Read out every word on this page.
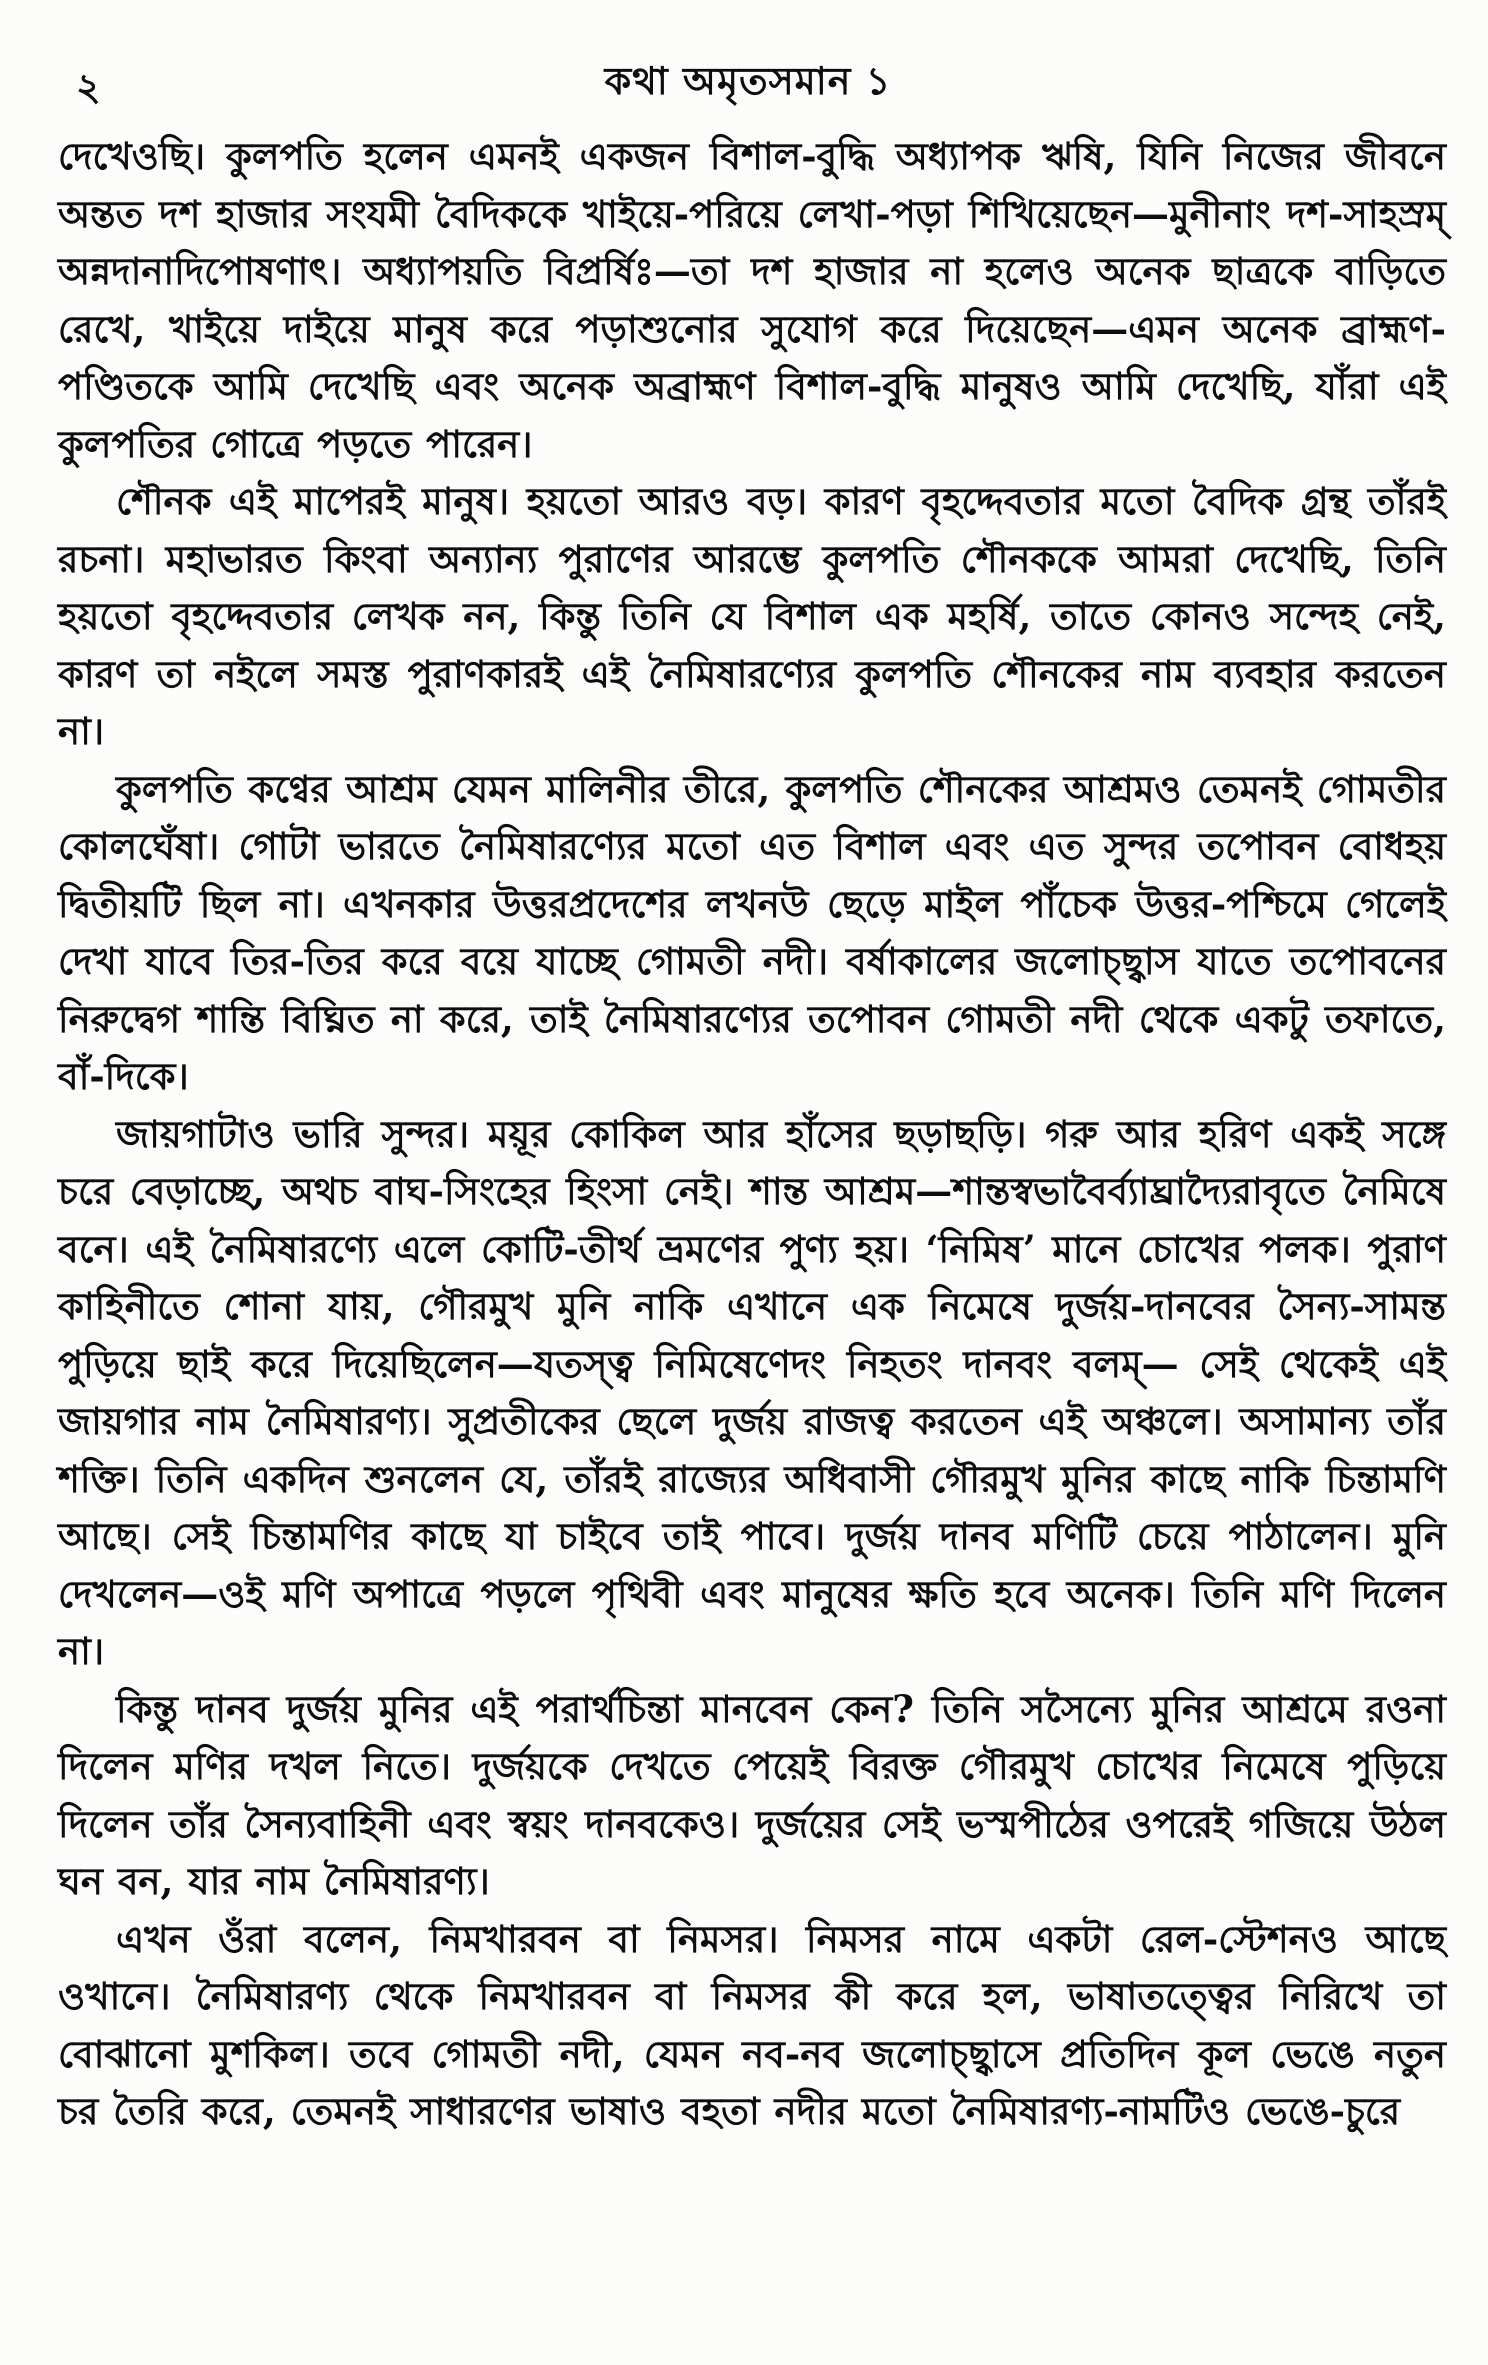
২	কথা অমৃতসমান ১

দেখেওছি। কুলপতি হলেন এমনই একজন বিশাল-বুদ্ধি অধ্যাপক ঋষি, যিনি নিজের জীবনে অন্তত দশ হাজার সংযমী বৈদিককে খাইয়ে-পরিয়ে লেখা-পড়া শিখিয়েছেন—মুনীনাং দশ-সাহস্রম্ অন্নদানাদিপোষণাৎ। অধ্যাপয়তি বিপ্রর্ষিঃ—তা দশ হাজার না হলেও অনেক ছাত্রকে বাড়িতে রেখে, খাইয়ে দাইয়ে মানুষ করে পড়াশুনোর সুযোগ করে দিয়েছেন—এমন অনেক ব্রাহ্মণ-পণ্ডিতকে আমি দেখেছি এবং অনেক অব্রাহ্মণ বিশাল-বুদ্ধি মানুষও আমি দেখেছি, যাঁরা এই কুলপতির গোত্রে পড়তে পারেন।

শৌনক এই মাপেরই মানুষ। হয়তো আরও বড়। কারণ বৃহদ্দেবতার মতো বৈদিক গ্রন্থ তাঁরই রচনা। মহাভারত কিংবা অন্যান্য পুরাণের আরম্ভে কুলপতি শৌনককে আমরা দেখেছি, তিনি হয়তো বৃহদ্দেবতার লেখক নন, কিন্তু তিনি যে বিশাল এক মহর্ষি, তাতে কোনও সন্দেহ নেই, কারণ তা নইলে সমস্ত পুরাণকারই এই নৈমিষারণ্যের কুলপতি শৌনকের নাম ব্যবহার করতেন না।

কুলপতি কণ্বের আশ্রম যেমন মালিনীর তীরে, কুলপতি শৌনকের আশ্রমও তেমনই গোমতীর কোলঘেঁষা। গোটা ভারতে নৈমিষারণ্যের মতো এত বিশাল এবং এত সুন্দর তপোবন বোধহয় দ্বিতীয়টি ছিল না। এখনকার উত্তরপ্রদেশের লখনউ ছেড়ে মাইল পাঁচেক উত্তর-পশ্চিমে গেলেই দেখা যাবে তির-তির করে বয়ে যাচ্ছে গোমতী নদী। বর্ষাকালের জলোচ্ছ্বাস যাতে তপোবনের নিরুদ্বেগ শান্তি বিঘ্নিত না করে, তাই নৈমিষারণ্যের তপোবন গোমতী নদী থেকে একটু তফাতে, বাঁ-দিকে।

জায়গাটাও ভারি সুন্দর। ময়ূর কোকিল আর হাঁসের ছড়াছড়ি। গরু আর হরিণ একই সঙ্গে চরে বেড়াচ্ছে, অথচ বাঘ-সিংহের হিংসা নেই। শান্ত আশ্রম—শান্তস্বভাবৈর্ব্যাঘ্রাদ্যৈরাবৃতে নৈমিষে বনে। এই নৈমিষারণ্যে এলে কোটি-তীর্থ ভ্রমণের পুণ্য হয়। ‘নিমিষ’ মানে চোখের পলক। পুরাণ কাহিনীতে শোনা যায়, গৌরমুখ মুনি নাকি এখানে এক নিমেষে দুর্জয়-দানবের সৈন্য-সামন্ত পুড়িয়ে ছাই করে দিয়েছিলেন—যতস্ত্ব নিমিষেণেদং নিহতং দানবং বলম্‌— সেই থেকেই এই জায়গার নাম নৈমিষারণ্য। সুপ্রতীকের ছেলে দুর্জয় রাজত্ব করতেন এই অঞ্চলে। অসামান্য তাঁর শক্তি। তিনি একদিন শুনলেন যে, তাঁরই রাজ্যের অধিবাসী গৌরমুখ মুনির কাছে নাকি চিন্তামণি আছে। সেই চিন্তামণির কাছে যা চাইবে তাই পাবে। দুর্জয় দানব মণিটি চেয়ে পাঠালেন। মুনি দেখলেন—ওই মণি অপাত্রে পড়লে পৃথিবী এবং মানুষের ক্ষতি হবে অনেক। তিনি মণি দিলেন না।

কিন্তু দানব দুর্জয় মুনির এই পরার্থচিন্তা মানবেন কেন? তিনি সসৈন্যে মুনির আশ্রমে রওনা দিলেন মণির দখল নিতে। দুর্জয়কে দেখতে পেয়েই বিরক্ত গৌরমুখ চোখের নিমেষে পুড়িয়ে দিলেন তাঁর সৈন্যবাহিনী এবং স্বয়ং দানবকেও। দুর্জয়ের সেই ভস্মপীঠের ওপরেই গজিয়ে উঠল ঘন বন, যার নাম নৈমিষারণ্য।

এখন ওঁরা বলেন, নিমখারবন বা নিমসর। নিমসর নামে একটা রেল-স্টেশনও আছে ওখানে। নৈমিষারণ্য থেকে নিমখারবন বা নিমসর কী করে হল, ভাষাতত্ত্বের নিরিখে তা বোঝানো মুশকিল। তবে গোমতী নদী, যেমন নব-নব জলোচ্ছ্বাসে প্রতিদিন কূল ভেঙে নতুন চর তৈরি করে, তেমনই সাধারণের ভাষাও বহতা নদীর মতো নৈমিষারণ্য-নামটিও ভেঙে-চুরে
